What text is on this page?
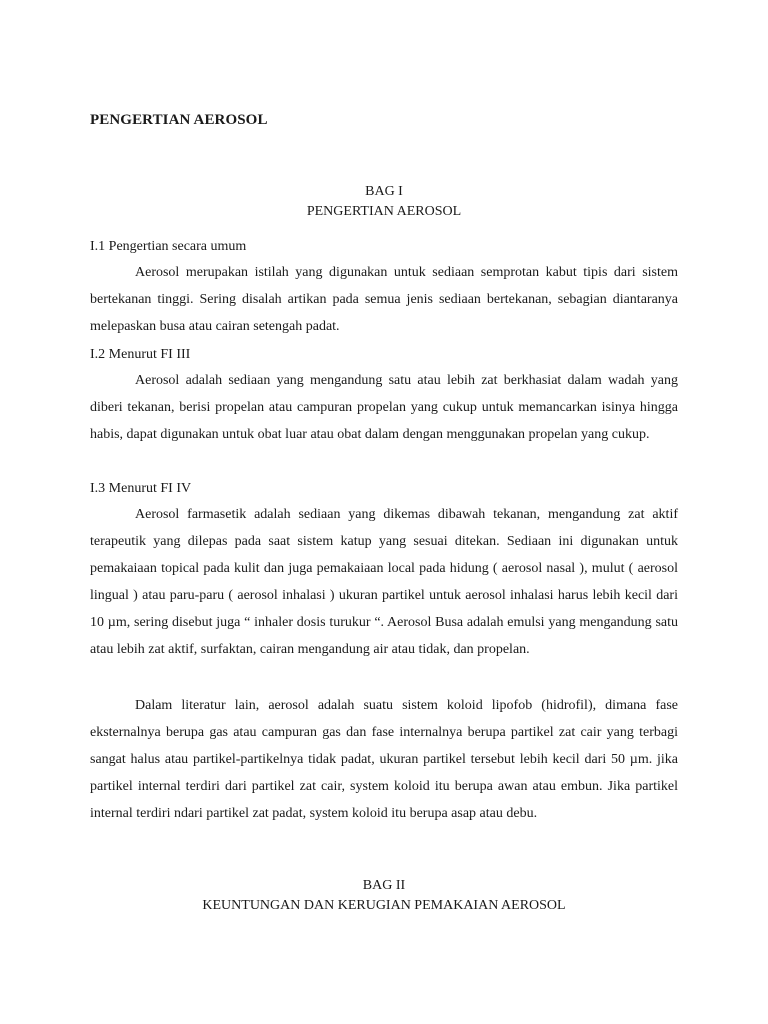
PENGERTIAN AEROSOL
BAG I
PENGERTIAN AEROSOL
I.1 Pengertian secara umum
Aerosol merupakan istilah yang digunakan untuk sediaan semprotan kabut tipis dari sistem bertekanan tinggi. Sering disalah artikan pada semua jenis sediaan bertekanan, sebagian diantaranya melepaskan busa atau cairan setengah padat.
I.2 Menurut FI III
Aerosol adalah sediaan yang mengandung satu atau lebih zat berkhasiat dalam wadah yang diberi tekanan, berisi propelan atau campuran propelan yang cukup untuk memancarkan isinya hingga habis, dapat digunakan untuk obat luar atau obat dalam dengan menggunakan propelan yang cukup.
I.3 Menurut FI IV
Aerosol farmasetik adalah sediaan yang dikemas dibawah tekanan, mengandung zat aktif terapeutik yang dilepas pada saat sistem katup yang sesuai ditekan. Sediaan ini digunakan untuk pemakaiaan topical pada kulit dan juga pemakaiaan local pada hidung ( aerosol nasal ), mulut ( aerosol lingual ) atau paru-paru ( aerosol inhalasi ) ukuran partikel untuk aerosol inhalasi harus lebih kecil dari 10 µm, sering disebut juga “ inhaler dosis turukur “. Aerosol Busa adalah emulsi yang mengandung satu atau lebih zat aktif, surfaktan, cairan mengandung air atau tidak, dan propelan.
Dalam literatur lain, aerosol adalah suatu sistem koloid lipofob (hidrofil), dimana fase eksternalnya berupa gas atau campuran gas dan fase internalnya berupa partikel zat cair yang terbagi sangat halus atau partikel-partikelnya tidak padat, ukuran partikel tersebut lebih kecil dari 50 µm. jika partikel internal terdiri dari partikel zat cair, system koloid itu berupa awan atau embun. Jika partikel internal terdiri ndari partikel zat padat, system koloid itu berupa asap atau debu.
BAG II
KEUNTUNGAN DAN KERUGIAN PEMAKAIAN AEROSOL
